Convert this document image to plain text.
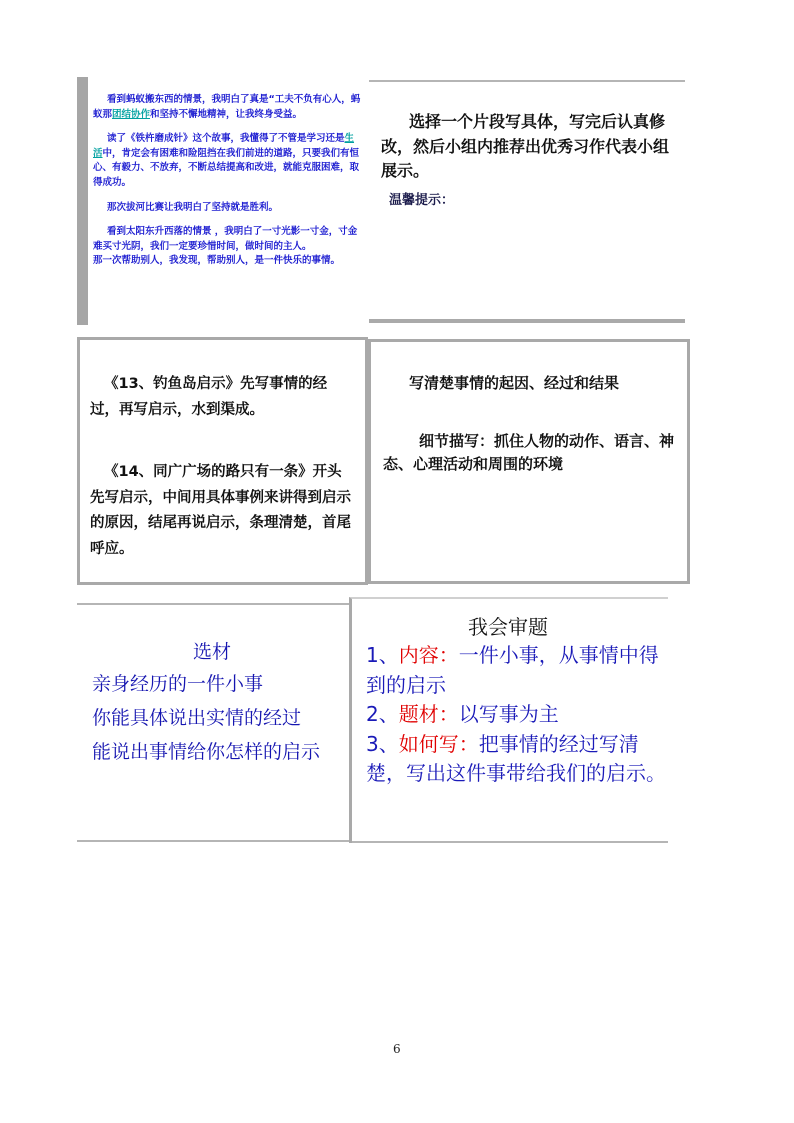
看到蚂蚁搬东西的情景，我明白了真是“工夫不负有心人，蚂蚁那团结协作和坚持不懈地精神，让我终身受益。

读了《铁杵磨成针》这个故事，我懂得了不管是学习还是生活中，肯定会有困难和险阻挡在我们前进的道路，只要我们有恒心、有毅力、不放弃，不断总结提高和改进，就能克服困难，取得成功。

那次拔河比赛让我明白了坚持就是胜利。

看到太阳东升西落的情景 ，我明白了一寸光影一寸金，寸金难买寸光阴，我们一定要珍惜时间，做时间的主人。

那一次帮助别人，我发现，帮助别人，是一件快乐的事情。

选择一个片段写具体，写完后认真修改，然后小组内推荐出优秀习作代表小组展示。
温馨提示：
《13、钓鱼岛启示》先写事情的经过，再写启示，水到渠成。
《14、同广广场的路只有一条》开头先写启示，中间用具体事例来讲得到启示的原因，结尾再说启示，条理清楚，首尾呼应。
写清楚事情的起因、经过和结果
细节描写：抓住人物的动作、语言、神态、心理活动和周围的环境
选材
亲身经历的一件小事
你能具体说出实情的经过
能说出事情给你怎样的启示
我会审题
1、内容：一件小事，从事情中得到的启示
2、题材：以写事为主
3、如何写：把事情的经过写清楚，写出这件事带给我们的启示。
6
